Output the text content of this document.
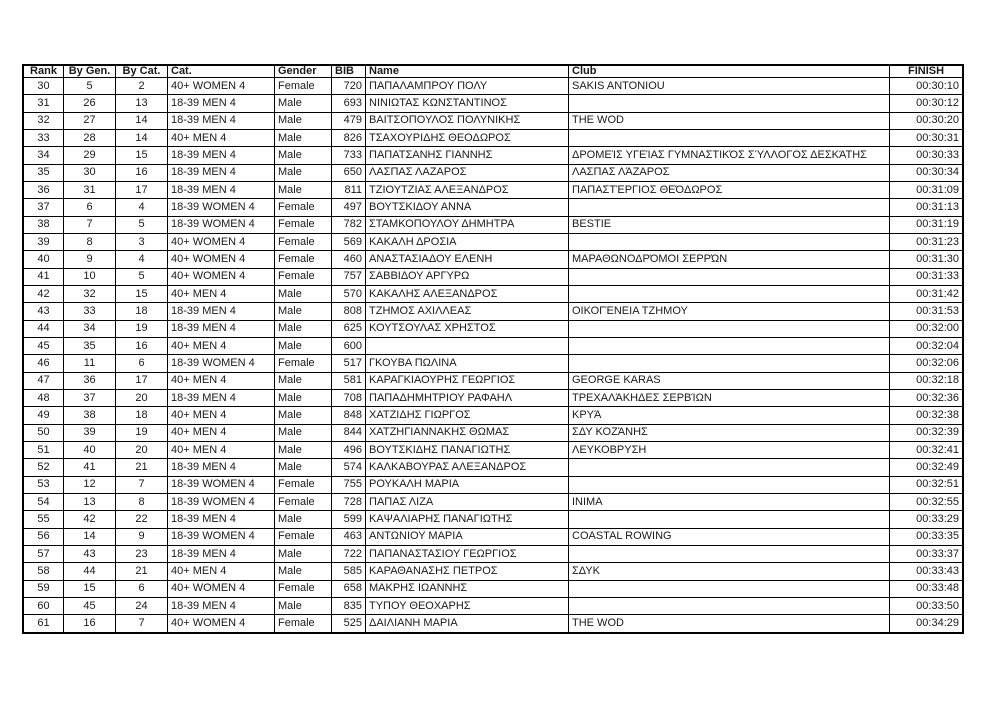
Rank	By Gen.	By Cat.	Cat.	Gender	BIB	Name	Club	FINISH
30	5	2	40+ WOMEN 4	Female	720	ΠΑΠΑΛΑΜΠΡΟΥ ΠΟΛΥ	SAKIS ANTONIOU	00:30:10
31	26	13	18-39 MEN 4	Male	693	ΝΙΝΙΩΤΑΣ ΚΩΝΣΤΑΝΤΙΝΟΣ		00:30:12
32	27	14	18-39 MEN 4	Male	479	ΒΑΙΤΣΟΠΟΥΛΟΣ ΠΟΛΥΝΙΚΗΣ	THE WOD	00:30:20
33	28	14	40+ MEN 4	Male	826	ΤΣΑΧΟΥΡΙΔΗΣ ΘΕΟΔΩΡΟΣ		00:30:31
34	29	15	18-39 MEN 4	Male	733	ΠΑΠΑΤΣΑΝΗΣ ΓΙΑΝΝΗΣ	ΔΡΟΜΕΊΣ ΥΓΕΊΑΣ ΓΥΜΝΑΣΤΙΚΌΣ ΣΎΛΛΟΓΟΣ ΔΕΣΚΆΤΗΣ	00:30:33
35	30	16	18-39 MEN 4	Male	650	ΛΑΣΠΑΣ ΛΑΖΑΡΟΣ	ΛΑΣΠΑΣ ΛΆΖΑΡΟΣ	00:30:34
36	31	17	18-39 MEN 4	Male	811	ΤΖΙΟΥΤΖΙΑΣ ΑΛΕΞΑΝΔΡΟΣ	ΠΑΠΑΣΤΈΡΓΙΟΣ ΘΕΌΔΩΡΟΣ	00:31:09
37	6	4	18-39 WOMEN 4	Female	497	ΒΟΥΤΣΚΙΔΟΥ ΑΝΝΑ		00:31:13
38	7	5	18-39 WOMEN 4	Female	782	ΣΤΑΜΚΟΠΟΥΛΟΥ ΔΗΜΗΤΡΑ	BESTIE	00:31:19
39	8	3	40+ WOMEN 4	Female	569	ΚΑΚΑΛΗ ΔΡΟΣΙΑ		00:31:23
40	9	4	40+ WOMEN 4	Female	460	ΑΝΑΣΤΑΣΙΑΔΟΥ ΕΛΕΝΗ	ΜΑΡΑΘΩΝΟΔΡΌΜΟΙ ΣΕΡΡΏΝ	00:31:30
41	10	5	40+ WOMEN 4	Female	757	ΣΑΒΒΙΔΟΥ ΑΡΓΥΡΩ		00:31:33
42	32	15	40+ MEN 4	Male	570	ΚΑΚΑΛΗΣ ΑΛΕΞΑΝΔΡΟΣ		00:31:42
43	33	18	18-39 MEN 4	Male	808	ΤΖΗΜΟΣ ΑΧΙΛΛΕΑΣ	ΟΙΚΟΓΈΝΕΙΑ ΤΖΗΜΟΥ	00:31:53
44	34	19	18-39 MEN 4	Male	625	ΚΟΥΤΣΟΥΛΑΣ ΧΡΗΣΤΟΣ		00:32:00
45	35	16	40+ MEN 4	Male	600			00:32:04
46	11	6	18-39 WOMEN 4	Female	517	ΓΚΟΥΒΑ ΠΩΛΙΝΑ		00:32:06
47	36	17	40+ MEN 4	Male	581	ΚΑΡΑΓΚΙΑΟΥΡΗΣ ΓΕΩΡΓΙΟΣ	GEORGE KARAS	00:32:18
48	37	20	18-39 MEN 4	Male	708	ΠΑΠΑΔΗΜΗΤΡΙΟΥ ΡΑΦΑΗΛ	ΤΡΕΧΑΛΆΚΗΔΕΣ ΣΕΡΒΊΩΝ	00:32:36
49	38	18	40+ MEN 4	Male	848	ΧΑΤΖΙΔΗΣ ΓΙΩΡΓΟΣ	ΚΡΥΆ	00:32:38
50	39	19	40+ MEN 4	Male	844	ΧΑΤΖΗΓΙΑΝΝΑΚΗΣ ΘΩΜΑΣ	ΣΔΥ ΚΟΖΆΝΗΣ	00:32:39
51	40	20	40+ MEN 4	Male	496	ΒΟΥΤΣΚΙΔΗΣ ΠΑΝΑΓΙΩΤΗΣ	ΛΕΥΚΟΒΡΥΣΗ	00:32:41
52	41	21	18-39 MEN 4	Male	574	ΚΑΛΚΑΒΟΥΡΑΣ ΑΛΕΞΑΝΔΡΟΣ		00:32:49
53	12	7	18-39 WOMEN 4	Female	755	ΡΟΥΚΑΛΗ ΜΑΡΙΑ		00:32:51
54	13	8	18-39 WOMEN 4	Female	728	ΠΑΠΑΣ ΛΙΖΑ	INIMA	00:32:55
55	42	22	18-39 MEN 4	Male	599	ΚΑΨΑΛΙΑΡΗΣ ΠΑΝΑΓΙΩΤΗΣ		00:33:29
56	14	9	18-39 WOMEN 4	Female	463	ΑΝΤΩΝΙΟΥ ΜΑΡΙΑ	COASTAL ROWING	00:33:35
57	43	23	18-39 MEN 4	Male	722	ΠΑΠΑΝΑΣΤΑΣΙΟΥ ΓΕΩΡΓΙΟΣ		00:33:37
58	44	21	40+ MEN 4	Male	585	ΚΑΡΑΘΑΝΑΣΗΣ ΠΕΤΡΟΣ	ΣΔΥΚ	00:33:43
59	15	6	40+ WOMEN 4	Female	658	ΜΑΚΡΗΣ ΙΩΑΝΝΗΣ		00:33:48
60	45	24	18-39 MEN 4	Male	835	ΤΥΠΟΥ ΘΕΟΧΑΡΗΣ		00:33:50
61	16	7	40+ WOMEN 4	Female	525	ΔΑΙΛΙΑΝΗ ΜΑΡΙΑ	THE WOD	00:34:29
